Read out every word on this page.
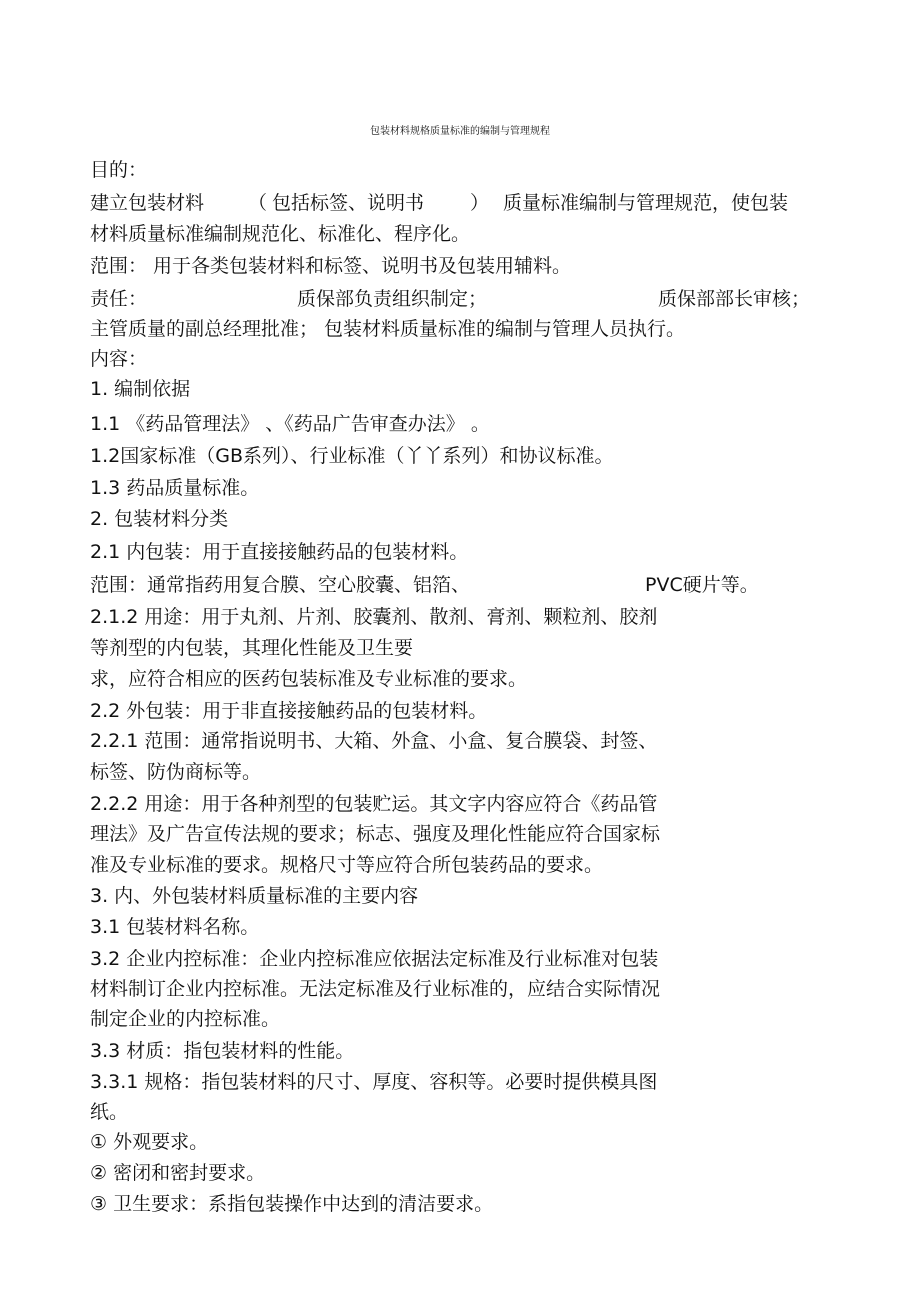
包装材料规格质量标准的编制与管理规程
目的：
建立包装材料 （ 包括标签、说明书 ） 质量标准编制与管理规范，使包装
材料质量标准编制规范化、标准化、程序化。
范围： 用于各类包装材料和标签、说明书及包装用辅料。
责任：	质保部负责组织制定；	质保部部长审核；
主管质量的副总经理批准； 包装材料质量标准的编制与管理人员执行。
内容：
1. 编制依据
1.1 《药品管理法》 、《药品广告审查办法》 。
1.2国家标准（GB系列）、行业标准（丫丫系列）和协议标准。
1.3 药品质量标准。
2. 包装材料分类
2.1 内包装：用于直接接触药品的包装材料。
范围：通常指药用复合膜、空心胶囊、铝箔、	PVC硬片等。
2.1.2 用途：用于丸剂、片剂、胶囊剂、散剂、膏剂、颗粒剂、胶剂
等剂型的内包装，其理化性能及卫生要
求，应符合相应的医药包装标准及专业标准的要求。
2.2 外包装：用于非直接接触药品的包装材料。
2.2.1 范围：通常指说明书、大箱、外盒、小盒、复合膜袋、封签、
标签、防伪商标等。
2.2.2 用途：用于各种剂型的包装贮运。其文字内容应符合《药品管
理法》及广告宣传法规的要求；标志、强度及理化性能应符合国家标
准及专业标准的要求。规格尺寸等应符合所包装药品的要求。
3. 内、外包装材料质量标准的主要内容
3.1 包装材料名称。
3.2 企业内控标准：企业内控标准应依据法定标准及行业标准对包装
材料制订企业内控标准。无法定标准及行业标准的，应结合实际情况
制定企业的内控标准。
3.3 材质：指包装材料的性能。
3.3.1 规格：指包装材料的尺寸、厚度、容积等。必要时提供模具图
纸。
① 外观要求。
② 密闭和密封要求。
③ 卫生要求：系指包装操作中达到的清洁要求。
